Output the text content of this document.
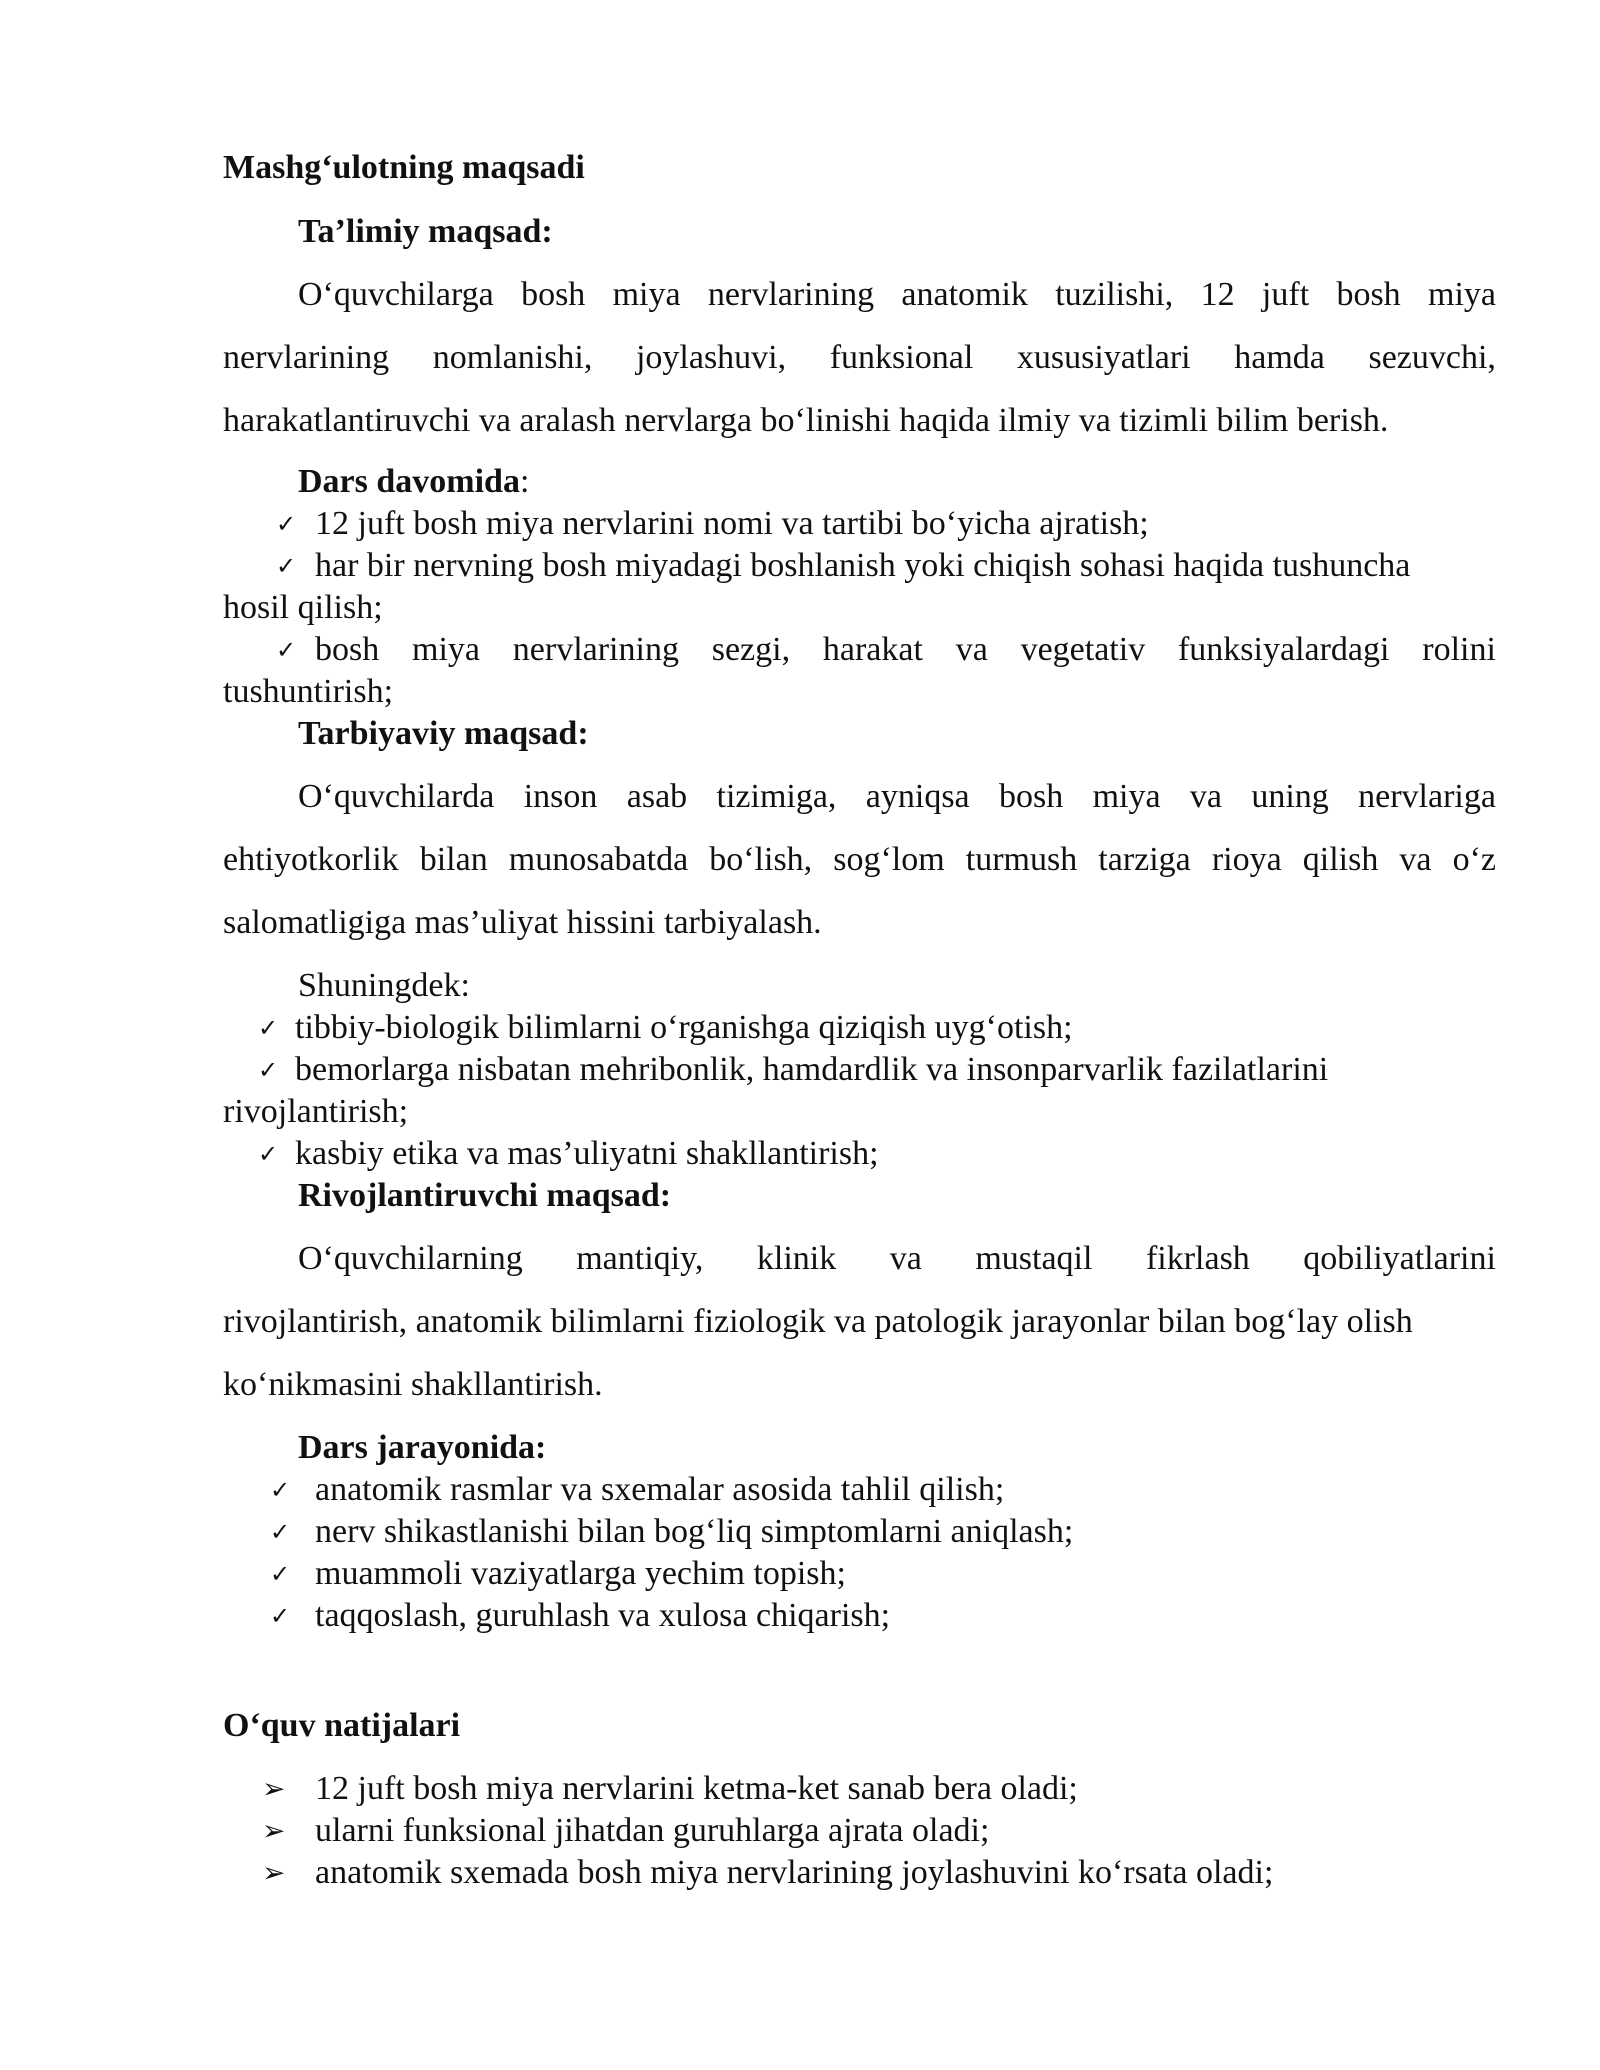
Mashg‘ulotning maqsadi
Ta’limiy maqsad:
O‘quvchilarga bosh miya nervlarining anatomik tuzilishi, 12 juft bosh miya
nervlarining nomlanishi, joylashuvi, funksional xususiyatlari hamda sezuvchi,
harakatlantiruvchi va aralash nervlarga bo‘linishi haqida ilmiy va tizimli bilim berish.
Dars davomida:
✓ 12 juft bosh miya nervlarini nomi va tartibi bo‘yicha ajratish;
✓ har bir nervning bosh miyadagi boshlanish yoki chiqish sohasi haqida tushuncha
hosil qilish;
✓ bosh miya nervlarining sezgi, harakat va vegetativ funksiyalardagi rolini
tushuntirish;
Tarbiyaviy maqsad:
O‘quvchilarda inson asab tizimiga, ayniqsa bosh miya va uning nervlariga
ehtiyotkorlik bilan munosabatda bo‘lish, sog‘lom turmush tarziga rioya qilish va o‘z
salomatligiga mas’uliyat hissini tarbiyalash.
Shuningdek:
✓ tibbiy-biologik bilimlarni o‘rganishga qiziqish uyg‘otish;
✓ bemorlarga nisbatan mehribonlik, hamdardlik va insonparvarlik fazilatlarini
rivojlantirish;
✓ kasbiy etika va mas’uliyatni shakllantirish;
Rivojlantiruvchi maqsad:
O‘quvchilarning mantiqiy, klinik va mustaqil fikrlash qobiliyatlarini
rivojlantirish, anatomik bilimlarni fiziologik va patologik jarayonlar bilan bog‘lay olish
ko‘nikmasini shakllantirish.
Dars jarayonida:
✓ anatomik rasmlar va sxemalar asosida tahlil qilish;
✓ nerv shikastlanishi bilan bog‘liq simptomlarni aniqlash;
✓ muammoli vaziyatlarga yechim topish;
✓ taqqoslash, guruhlash va xulosa chiqarish;
O‘quv natijalari
➢ 12 juft bosh miya nervlarini ketma-ket sanab bera oladi;
➢ ularni funksional jihatdan guruhlarga ajrata oladi;
➢ anatomik sxemada bosh miya nervlarining joylashuvini ko‘rsata oladi;
